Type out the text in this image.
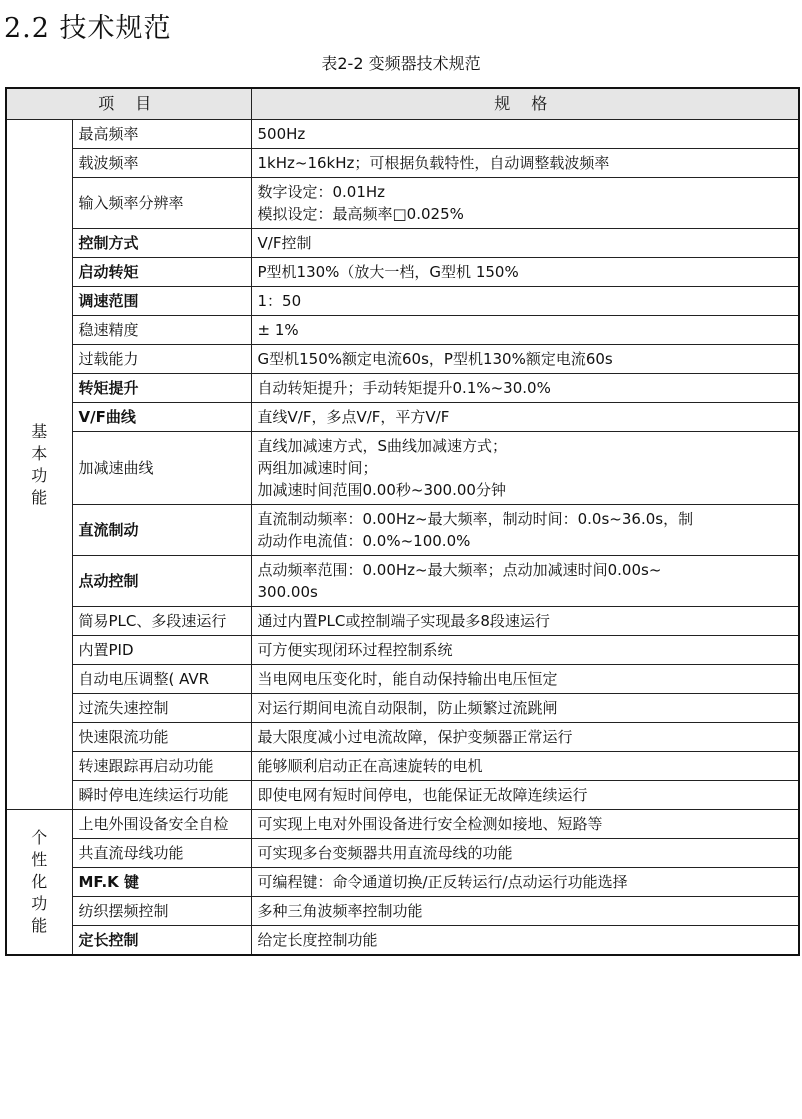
2.2 技术规范
表2-2 变频器技术规范
项 目		规 格

基
本
功
能	最高频率	500Hz

	载波频率	1kHz~16kHz；可根据负载特性，自动调整载波频率

	输入频率分辨率	数字设定：0.01Hz
模拟设定：最高频率□0.025%

	控制方式	V/F控制

	启动转矩	P型机130%（放大一档，G型机 150%

	调速范围	1：50

	稳速精度	± 1%

	过载能力	G型机150%额定电流60s，P型机130%额定电流60s

	转矩提升	自动转矩提升；手动转矩提升0.1%~30.0%

	V/F曲线	直线V/F，多点V/F，平方V/F

	加减速曲线	直线加减速方式，S曲线加减速方式；
两组加减速时间；
加减速时间范围0.00秒~300.00分钟

	直流制动	直流制动频率：0.00Hz~最大频率，制动时间：0.0s~36.0s，制
动动作电流值：0.0%~100.0%

	点动控制	点动频率范围：0.00Hz~最大频率；点动加减速时间0.00s~
300.00s

	简易PLC、多段速运行	通过内置PLC或控制端子实现最多8段速运行

	内置PID	可方便实现闭环过程控制系统

	自动电压调整( AVR	当电网电压变化时，能自动保持输出电压恒定

	过流失速控制	对运行期间电流自动限制，防止频繁过流跳闸

	快速限流功能	最大限度减小过电流故障，保护变频器正常运行

	转速跟踪再启动功能	能够顺利启动正在高速旋转的电机

	瞬时停电连续运行功能	即使电网有短时间停电，也能保证无故障连续运行

个
性
化
功
能	上电外围设备安全自检	可实现上电对外围设备进行安全检测如接地、短路等

	共直流母线功能	可实现多台变频器共用直流母线的功能

	MF.K 键	可编程键：命令通道切换/正反转运行/点动运行功能选择

	纺织摆频控制	多种三角波频率控制功能

	定长控制	给定长度控制功能
